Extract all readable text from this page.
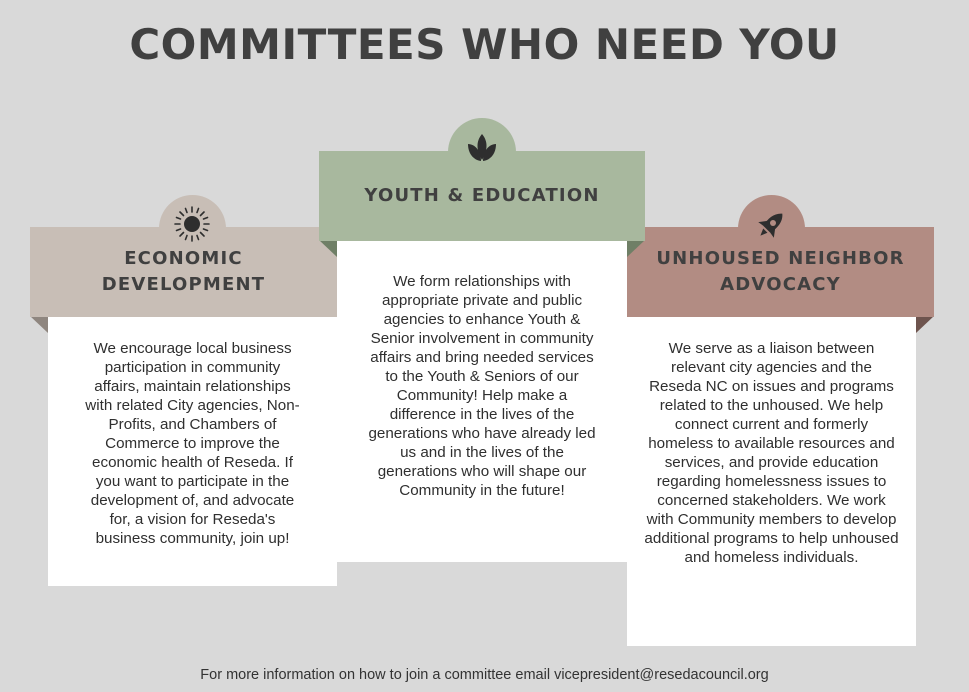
COMMITTEES WHO NEED YOU
ECONOMIC
DEVELOPMENT
We encourage local business participation in community affairs, maintain relationships with related City agencies, Non-Profits, and Chambers of Commerce to improve the economic health of Reseda. If you want to participate in the development of, and advocate for, a vision for Reseda's business community, join up!
UNHOUSED NEIGHBOR
ADVOCACY
We serve as a liaison between relevant city agencies and the Reseda NC on issues and programs related to the unhoused. We help connect current and formerly homeless to available resources and services, and provide education regarding homelessness issues to concerned stakeholders. We work with Community members to develop additional programs to help unhoused and homeless individuals.
YOUTH & EDUCATION
We form relationships with appropriate private and public agencies to enhance Youth & Senior involvement in community affairs and bring needed services to the Youth & Seniors of our Community! Help make a difference in the lives of the generations who have already led us and in the lives of the generations who will shape our Community in the future!
For more information on how to join a committee email vicepresident@resedacouncil.org
